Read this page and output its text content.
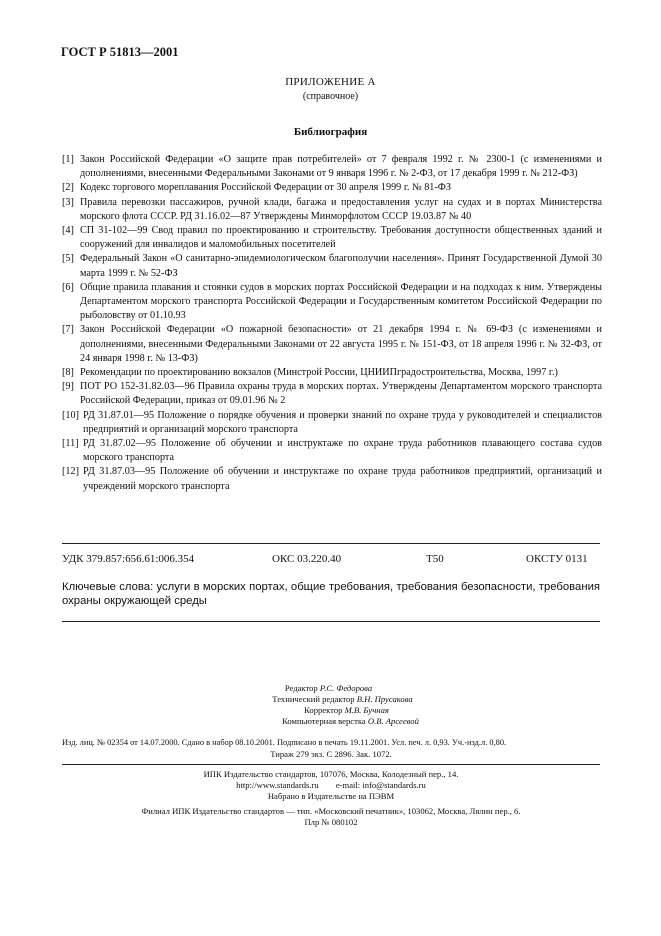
ГОСТ Р 51813—2001
ПРИЛОЖЕНИЕ А
(справочное)
Библиография
[1] Закон Российской Федерации «О защите прав потребителей» от 7 февраля 1992 г. № 2300-1 (с изменениями и дополнениями, внесенными Федеральными Законами от 9 января 1996 г. № 2-ФЗ, от 17 декабря 1999 г. № 212-ФЗ)
[2] Кодекс торгового мореплавания Российской Федерации от 30 апреля 1999 г. № 81-ФЗ
[3] Правила перевозки пассажиров, ручной клади, багажа и предоставления услуг на судах и в портах Министерства морского флота СССР. РД 31.16.02—87 Утверждены Минморфлотом СССР 19.03.87 № 40
[4] СП 31-102—99 Свод правил по проектированию и строительству. Требования доступности общественных зданий и сооружений для инвалидов и маломобильных посетителей
[5] Федеральный Закон «О санитарно-эпидемиологическом благополучии населения». Принят Государственной Думой 30 марта 1999 г. № 52-ФЗ
[6] Общие правила плавания и стоянки судов в морских портах Российской Федерации и на подходах к ним. Утверждены Департаментом морского транспорта Российской Федерации и Государственным комитетом Российской Федерации по рыболовству от 01.10.93
[7] Закон Российской Федерации «О пожарной безопасности» от 21 декабря 1994 г. № 69-ФЗ (с изменениями и дополнениями, внесенными Федеральными Законами от 22 августа 1995 г. № 151-ФЗ, от 18 апреля 1996 г. № 32-ФЗ, от 24 января 1998 г. № 13-ФЗ)
[8] Рекомендации по проектированию вокзалов (Минстрой России, ЦНИИПградостроительства, Москва, 1997 г.)
[9] ПОТ РО 152-31.82.03—96 Правила охраны труда в морских портах. Утверждены Департаментом морского транспорта Российской Федерации, приказ от 09.01.96 № 2
[10] РД 31.87.01—95 Положение о порядке обучения и проверки знаний по охране труда у руководителей и специалистов предприятий и организаций морского транспорта
[11] РД 31.87.02—95 Положение об обучении и инструктаже по охране труда работников плавающего состава судов морского транспорта
[12] РД 31.87.03—95 Положение об обучении и инструктаже по охране труда работников предприятий, организаций и учреждений морского транспорта
УДК 379.857:656.61:006.354	ОКС 03.220.40	Т50	ОКСТУ 0131
Ключевые слова: услуги в морских портах, общие требования, требования безопасности, требования охраны окружающей среды
Редактор Р.С. Федорова
Технический редактор В.Н. Прусакова
Корректор М.В. Бучная
Компьютерная верстка О.В. Арсеевой
Изд. лиц. № 02354 от 14.07.2000. Сдано в набор 08.10.2001. Подписано в печать 19.11.2001. Усл. печ. л. 0,93. Уч.-изд.л. 0,80.
Тираж 279 экз. С 2896. Зак. 1072.
ИПК Издательство стандартов, 107076, Москва, Колодезный пер., 14.
http://www.standards.ru        e-mail: info@standards.ru
Набрано в Издательстве на ПЭВМ
Филиал ИПК Издательство стандартов — тип. «Московский печатник», 103062, Москва, Лялин пер., 6.
Плр № 080102
